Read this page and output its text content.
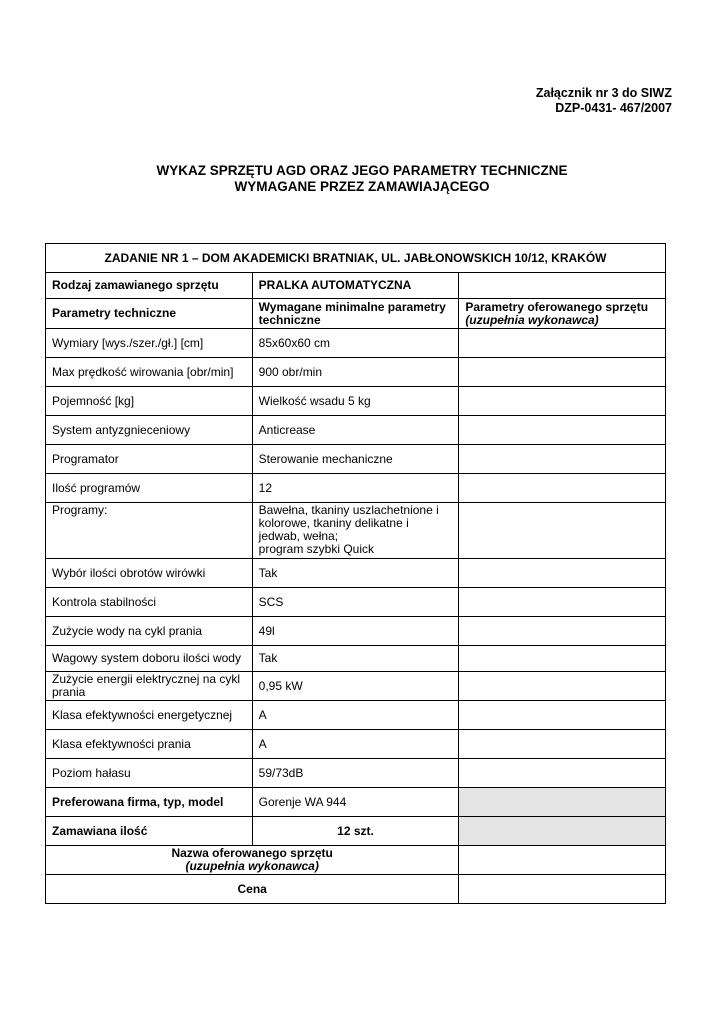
Załącznik nr 3 do SIWZ
DZP-0431- 467/2007
WYKAZ SPRZĘTU AGD ORAZ JEGO PARAMETRY TECHNICZNE
WYMAGANE PRZEZ ZAMAWIAJĄCEGO
ZADANIE NR 1 – DOM AKADEMICKI BRATNIAK, UL. JABŁONOWSKICH 10/12, KRAKÓW		
Rodzaj zamawianego sprzętu	PRALKA AUTOMATYCZNA	
Parametry techniczne	Wymagane minimalne parametry techniczne	Parametry oferowanego sprzętu
(uzupełnia wykonawca)
Wymiary [wys./szer./gł.] [cm]	85x60x60 cm	
Max prędkość wirowania [obr/min]	900 obr/min	
Pojemność [kg]	Wielkość wsadu 5 kg	
System antyzgnieceniowy	Anticrease	
Programator	Sterowanie mechaniczne	
Ilość programów	12	
Programy:	Bawełna, tkaniny uszlachetnione i kolorowe, tkaniny delikatne i jedwab, wełna;
program szybki Quick	
Wybór ilości obrotów wirówki	Tak	
Kontrola stabilności	SCS	
Zużycie wody na cykl prania	49l	
Wagowy system doboru ilości wody	Tak	
Zużycie energii elektrycznej na cykl prania	0,95 kW	
Klasa efektywności energetycznej	A	
Klasa efektywności prania	A	
Poziom hałasu	59/73dB	
Preferowana firma, typ, model	Gorenje WA 944	
Zamawiana ilość	12 szt.	
Nazwa oferowanego sprzętu
(uzupełnia wykonawca)		
Cena		
